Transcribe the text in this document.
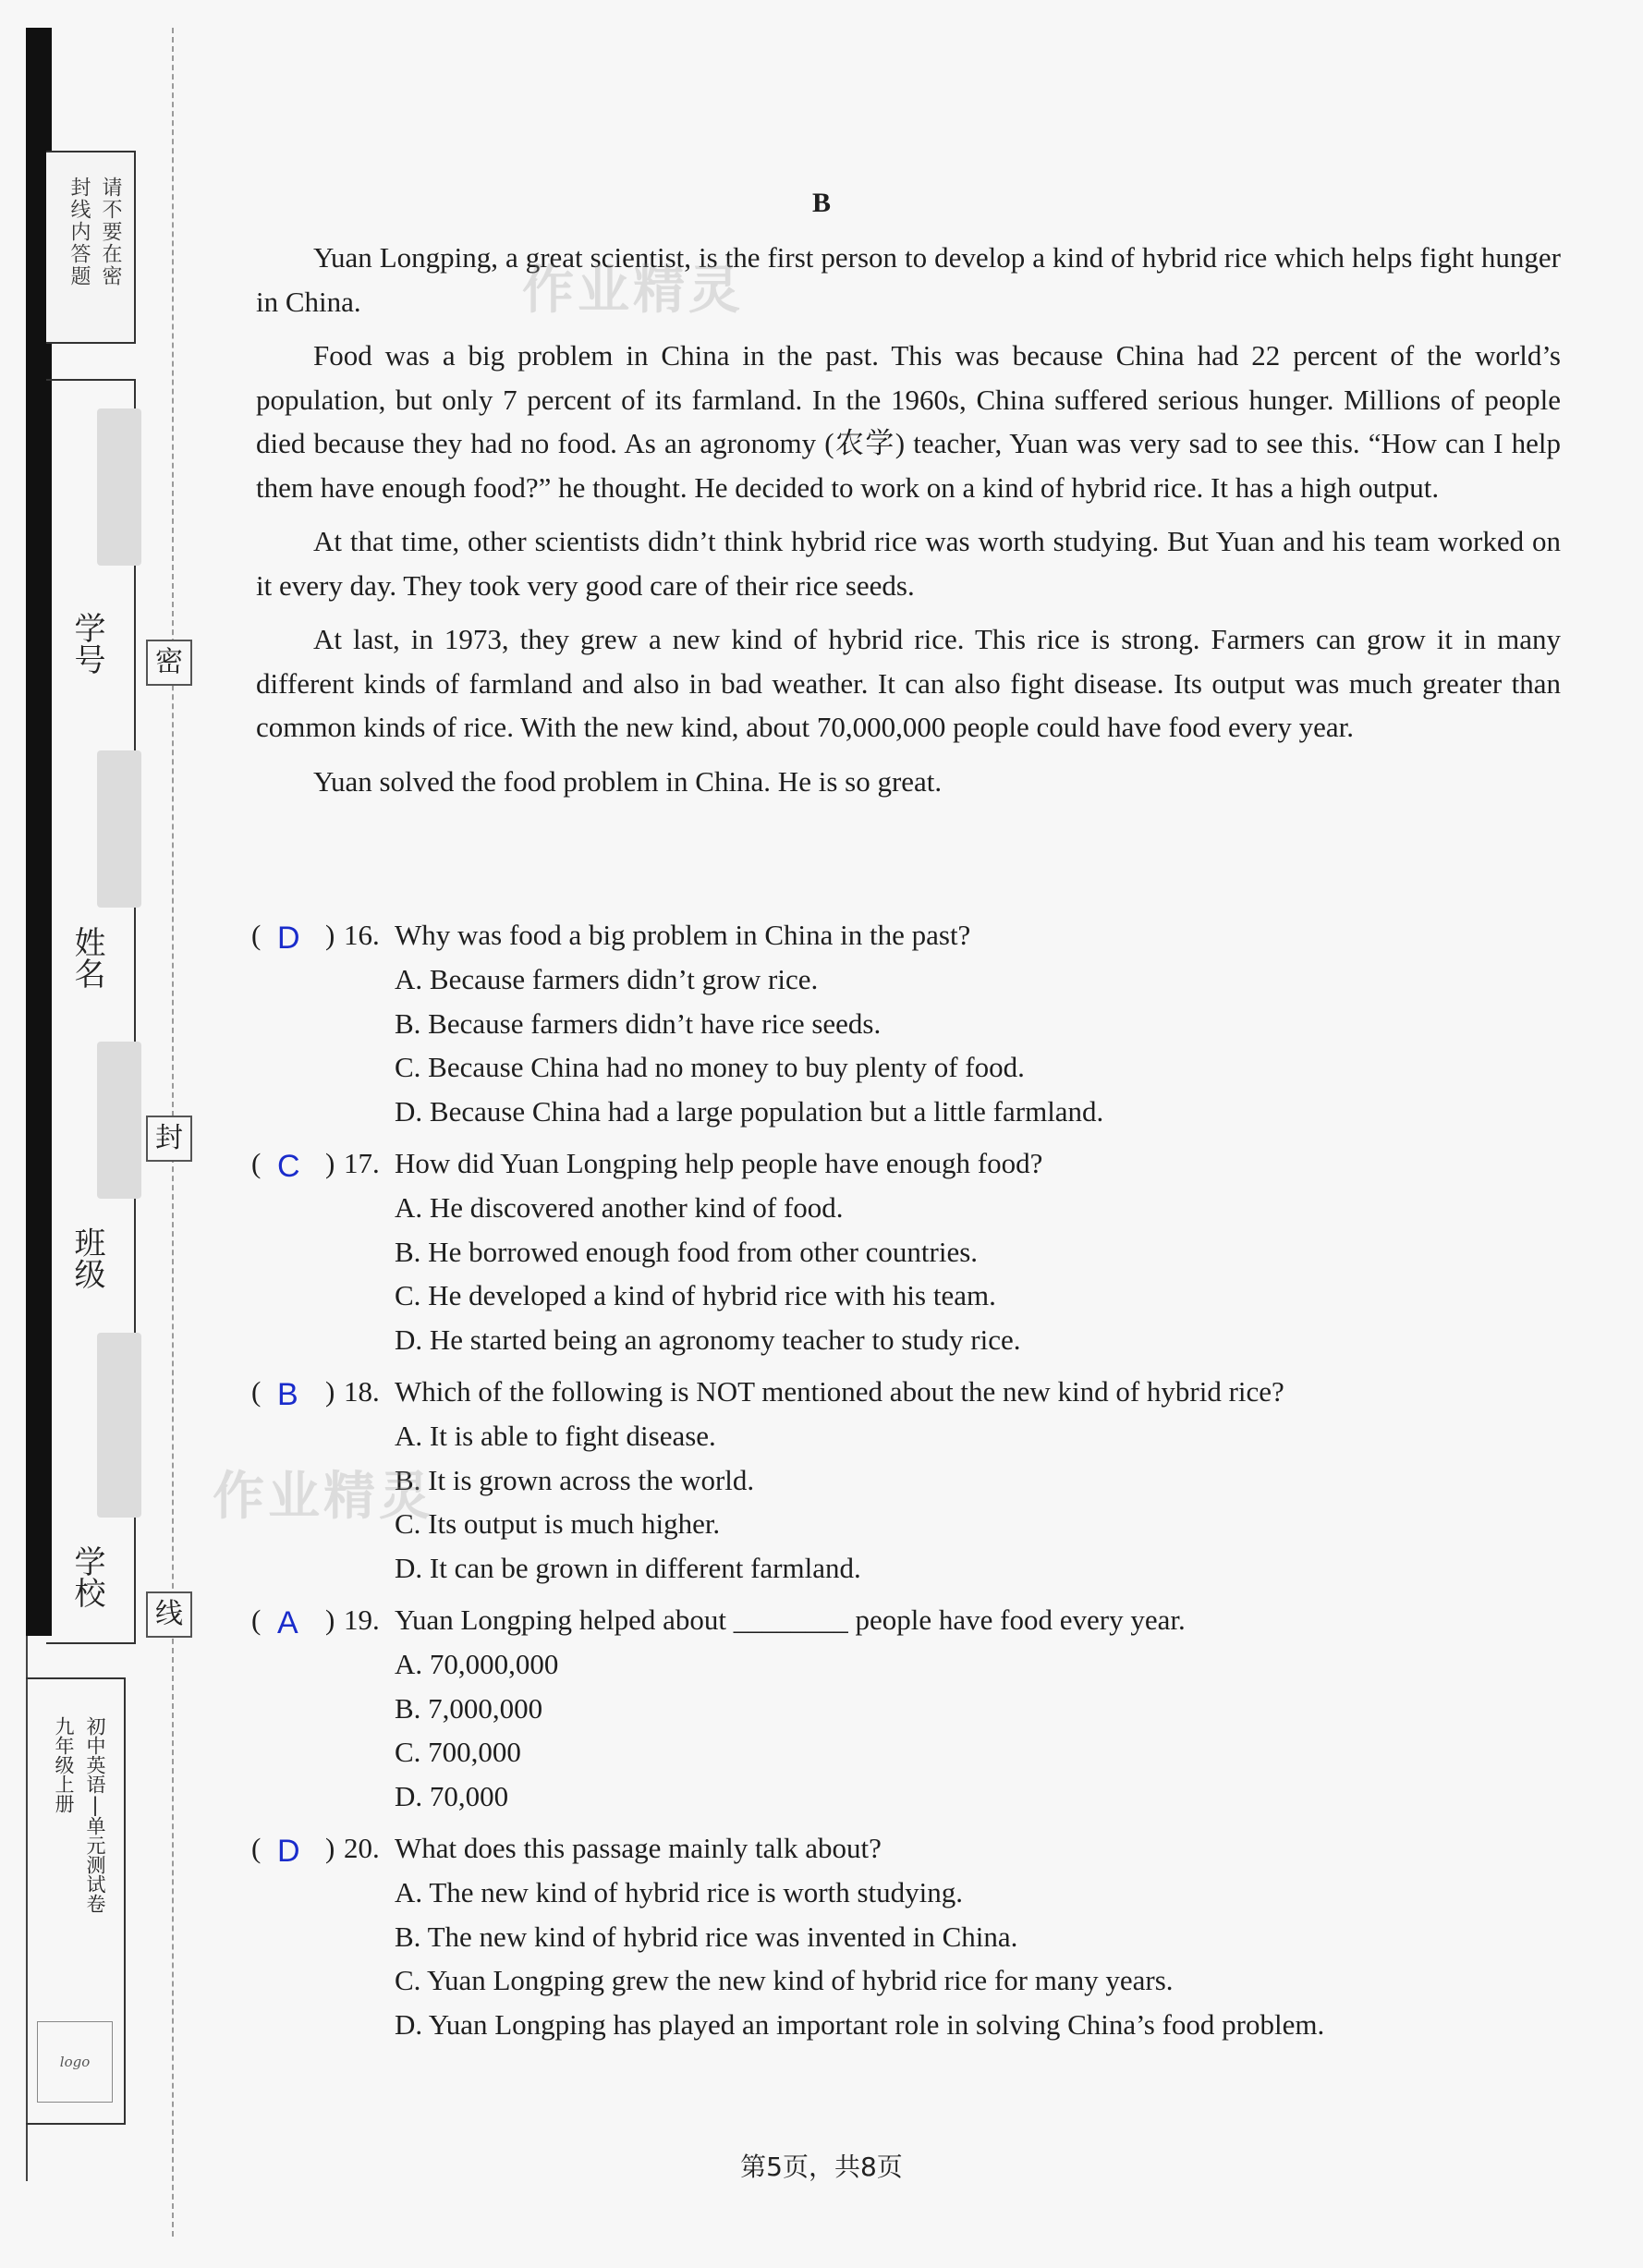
请不要在密
封线内答题
学号
姓名
班级
学校
密
封
线
初中英语|单元测试卷
九年级上册
logo
B

Yuan Longping, a great scientist, is the first person to develop a kind of hybrid rice which helps fight hunger in China.

Food was a big problem in China in the past. This was because China had 22 percent of the world’s population, but only 7 percent of its farmland. In the 1960s, China suffered serious hunger. Millions of people died because they had no food. As an agronomy (农学) teacher, Yuan was very sad to see this. “How can I help them have enough food?” he thought. He decided to work on a kind of hybrid rice. It has a high output.

At that time, other scientists didn’t think hybrid rice was worth studying. But Yuan and his team worked on it every day. They took very good care of their rice seeds.

At last, in 1973, they grew a new kind of hybrid rice. This rice is strong. Farmers can grow it in many different kinds of farmland and also in bad weather. It can also fight disease. Its output was much greater than common kinds of rice. With the new kind, about 70,000,000 people could have food every year.

Yuan solved the food problem in China. He is so great.

( D ) 16. Why was food a big problem in China in the past?
A. Because farmers didn’t grow rice.
B. Because farmers didn’t have rice seeds.
C. Because China had no money to buy plenty of food.
D. Because China had a large population but a little farmland.
( C ) 17. How did Yuan Longping help people have enough food?
A. He discovered another kind of food.
B. He borrowed enough food from other countries.
C. He developed a kind of hybrid rice with his team.
D. He started being an agronomy teacher to study rice.
( B ) 18. Which of the following is NOT mentioned about the new kind of hybrid rice?
A. It is able to fight disease.
B. It is grown across the world.
C. Its output is much higher.
D. It can be grown in different farmland.
( A ) 19. Yuan Longping helped about ________ people have food every year.
A. 70,000,000
B. 7,000,000
C. 700,000
D. 70,000
( D ) 20. What does this passage mainly talk about?
A. The new kind of hybrid rice is worth studying.
B. The new kind of hybrid rice was invented in China.
C. Yuan Longping grew the new kind of hybrid rice for many years.
D. Yuan Longping has played an important role in solving China’s food problem.
作业精灵
作业精灵
第5页，共8页
